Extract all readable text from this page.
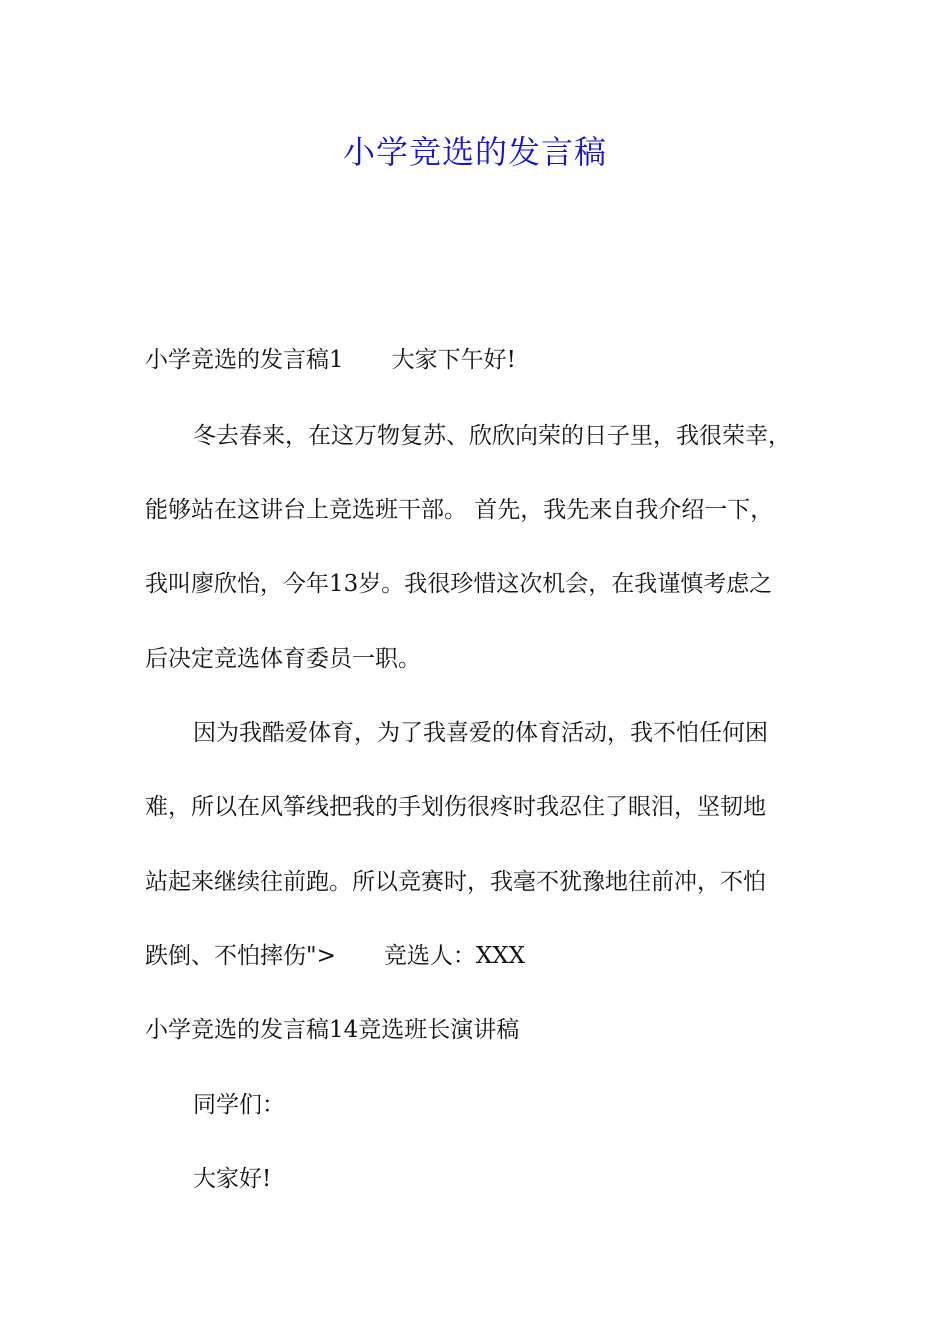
小学竞选的发言稿
小学竞选的发言稿1 大家下午好!
冬去春来，在这万物复苏、欣欣向荣的日子里，我很荣幸，
能够站在这讲台上竞选班干部。 首先，我先来自我介绍一下，
我叫廖欣怡，今年13岁。我很珍惜这次机会，在我谨慎考虑之
后决定竞选体育委员一职。
因为我酷爱体育，为了我喜爱的体育活动，我不怕任何困
难，所以在风筝线把我的手划伤很疼时我忍住了眼泪，坚韧地
站起来继续往前跑。所以竞赛时，我毫不犹豫地往前冲，不怕
跌倒、不怕摔伤"> 竞选人：XXX
小学竞选的发言稿14竞选班长演讲稿
同学们：
大家好!
